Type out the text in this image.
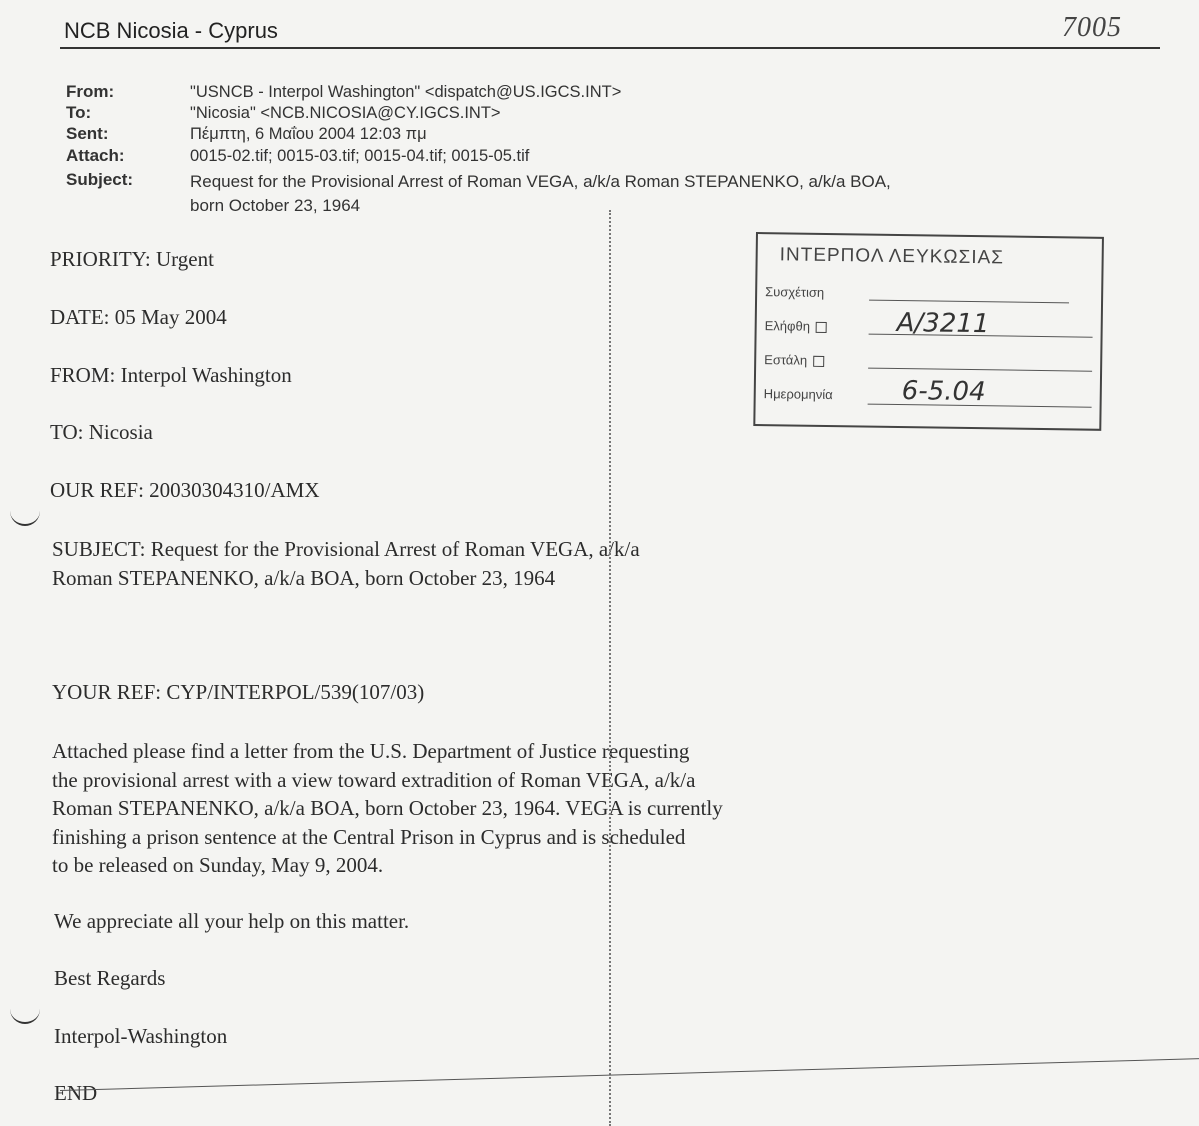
NCB Nicosia - Cyprus	7005
From:	"USNCB - Interpol Washington" <dispatch@US.IGCS.INT>
To:	"Nicosia" <NCB.NICOSIA@CY.IGCS.INT>
Sent:	Πέμπτη, 6 Μαΐου 2004 12:03 πμ
Attach:	0015-02.tif; 0015-03.tif; 0015-04.tif; 0015-05.tif
Subject:	Request for the Provisional Arrest of Roman VEGA, a/k/a Roman STEPANENKO, a/k/a BOA,
born October 23, 1964
ΙΝΤΕΡΠΟΛ ΛΕΥΚΩΣΙΑΣ
Συσχέτιση
Ελήφθη	A/3211
Εστάλη
Ημερομηνία	6-5.04
PRIORITY: Urgent
DATE: 05 May 2004
FROM: Interpol Washington
TO: Nicosia
OUR REF: 20030304310/AMX
SUBJECT: Request for the Provisional Arrest of Roman VEGA, a/k/a
Roman STEPANENKO, a/k/a BOA, born October 23, 1964
YOUR REF: CYP/INTERPOL/539(107/03)
Attached please find a letter from the U.S. Department of Justice requesting
the provisional arrest with a view toward extradition of Roman VEGA, a/k/a
Roman STEPANENKO, a/k/a BOA, born October 23, 1964. VEGA is currently
finishing a prison sentence at the Central Prison in Cyprus and is scheduled
to be released on Sunday, May 9, 2004.
We appreciate all your help on this matter.
Best Regards
Interpol-Washington
END
